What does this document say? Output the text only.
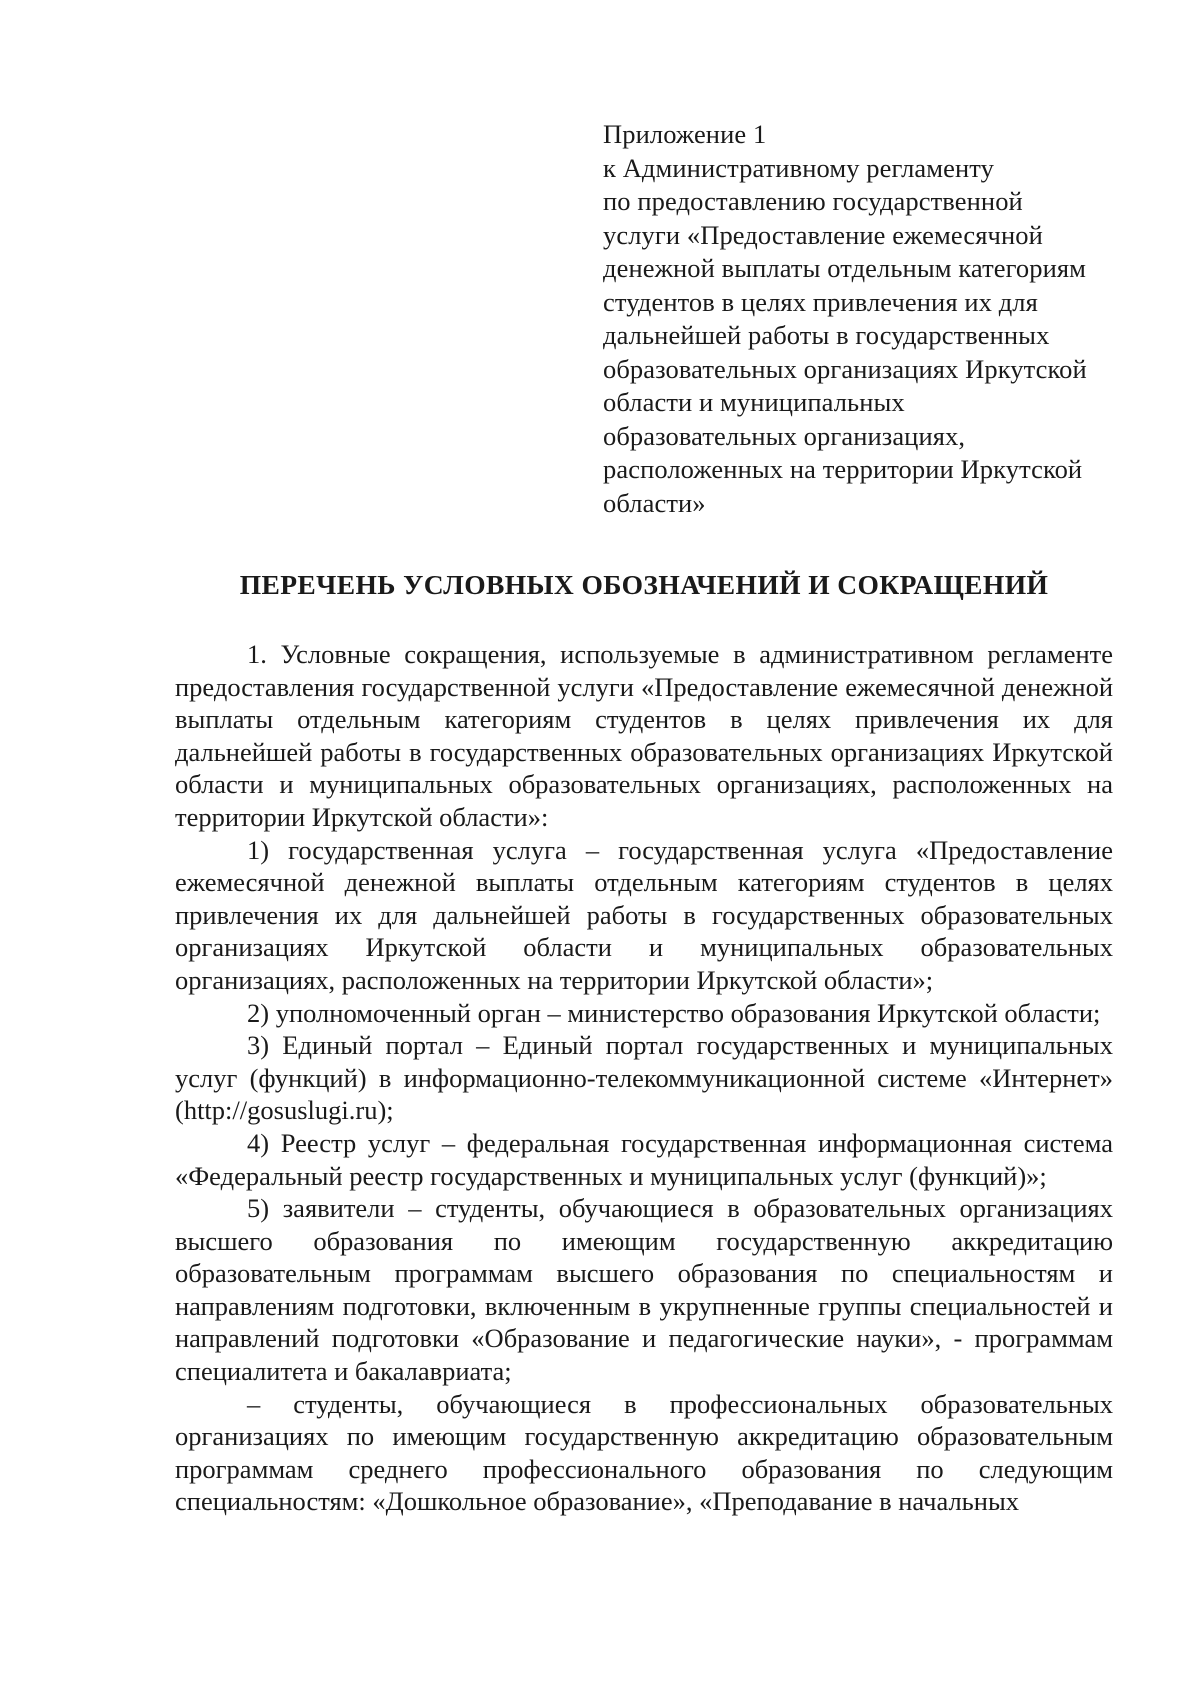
Приложение 1
к Административному регламенту
по предоставлению государственной
услуги «Предоставление ежемесячной
денежной выплаты отдельным категориям
студентов в целях привлечения их для
дальнейшей работы в государственных
образовательных организациях Иркутской
области и муниципальных
образовательных организациях,
расположенных на территории Иркутской
области»
ПЕРЕЧЕНЬ УСЛОВНЫХ ОБОЗНАЧЕНИЙ И СОКРАЩЕНИЙ

1. Условные сокращения, используемые в административном регламенте предоставления государственной услуги «Предоставление ежемесячной денежной выплаты отдельным категориям студентов в целях привлечения их для дальнейшей работы в государственных образовательных организациях Иркутской области и муниципальных образовательных организациях, расположенных на территории Иркутской области»:

1) государственная услуга – государственная услуга «Предоставление ежемесячной денежной выплаты отдельным категориям студентов в целях привлечения их для дальнейшей работы в государственных образовательных организациях Иркутской области и муниципальных образовательных организациях, расположенных на территории Иркутской области»;

2) уполномоченный орган – министерство образования Иркутской области;

3) Единый портал – Единый портал государственных и муниципальных услуг (функций) в информационно-телекоммуникационной системе «Интернет» (http://gosuslugi.ru);

4) Реестр услуг – федеральная государственная информационная система «Федеральный реестр государственных и муниципальных услуг (функций)»;

5) заявители – студенты, обучающиеся в образовательных организациях высшего образования по имеющим государственную аккредитацию образовательным программам высшего образования по специальностям и направлениям подготовки, включенным в укрупненные группы специальностей и направлений подготовки «Образование и педагогические науки», - программам специалитета и бакалавриата;

– студенты, обучающиеся в профессиональных образовательных организациях по имеющим государственную аккредитацию образовательным программам среднего профессионального образования по следующим специальностям: «Дошкольное образование», «Преподавание в начальных
